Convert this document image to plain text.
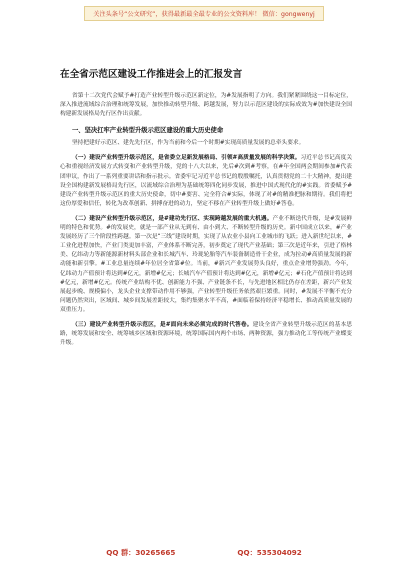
关注头条号“公文研究”，获得最新最全最专业的公文资料库！ 微信：gongwenyj
在全省示范区建设工作推进会上的汇报发言

省第十二次党代会赋予#打造产业转型升级示范区新定位，为#发展指明了方向。我们紧紧围绕这一目标定位，深入推进流域综合治理和统筹发展，加快推动转型升级、跨越发展，努力以示范区建设的实际成效为#加快建设全国构建新发展格局先行区作出贡献。

一、坚决扛牢产业转型升级示范区建设的重大历史使命

坚持把建好示范区、建先先行区，作为当前和今后一个时期#实现高质量发展的总牵头要求。

（一）建设产业转型升级示范区，是省委立足新发展格局、引领#高质量发展的科学决策。习近平总书记高度关心和重视经济发展方式转变和产业转型升级，党的十八大以来，先后#次到#考察，在#年全国两会期间参加#代表团审议，作出了一系列重要讲话和指示批示。省委牢记习近平总书记的殷殷嘱托，认真贯彻党的二十大精神，提出建设全国构建新发展格局先行区，以流域综合治理为基础统筹四化同步发展，推进中国式现代化的#实践。省委赋予#建设产业转型升级示范区的重大历史使命，切中#要害、完全符合#实际，体现了对#的精准把脉和期待。我们将把这份厚爱和信任，转化为改革创新、拼搏奋进的动力，坚定不移在产业转型升级上做好#答卷。

（二）建设产业转型升级示范区，是#建功先行区、实现跨越发展的重大机遇。产业不断迭代升级，是#发展鲜明的特色和优势。#的发展史，就是一部产业从无到有、由小到大、不断转型升级的历史。新中国成立以来，#产业发展经历了三个阶段性跨越。第一次是“三线”建设时期，实现了从农业小县向工业城市的飞跃；进入新世纪以来，#工业化进程加快，产业门类更加丰富，产业体系不断完善，初步奠定了现代产业基础；第三次是近年来，引进了格林美、亿纬动力等新能源新材料头部企业和长城汽车、玲珑轮胎等汽车装备制造骨干企业，成为拉动#高质量发展的新动能和新引擎。#工业总量连续#年位居全省第#位。当前，#新兴产业发展势头良好，重点企业增势强劲。今年，亿纬动力产值预计将达到#亿元，新增#亿元；长城汽车产值预计将达到#亿元，新增#亿元；#石化产值预计将达到#亿元，新增#亿元。传统产业结构不优、创新能力不强、产业链条不长，与先进地区相比仍存在差距，新兴产业发展起步晚、规模偏小，龙头企业支撑带动作用不够强，产业转型升级任务依然艰巨繁重。同时，#发展不平衡不充分问题仍然突出，区域间、城乡间发展差距较大，集约集聚水平不高，#面临着保持经济平稳增长、推动高质量发展的双重压力。

（三）建设产业转型升级示范区，是#面向未来必须完成的时代答卷。建设全省产业转型升级示范区的基本思路，统筹发展和安全、统筹城乡区域和资源环境，统筹国际国内两个市场、两种资源，强力推动化工等传统产业蝶变升级。

QQ 群：30265665	QQ：535304092
